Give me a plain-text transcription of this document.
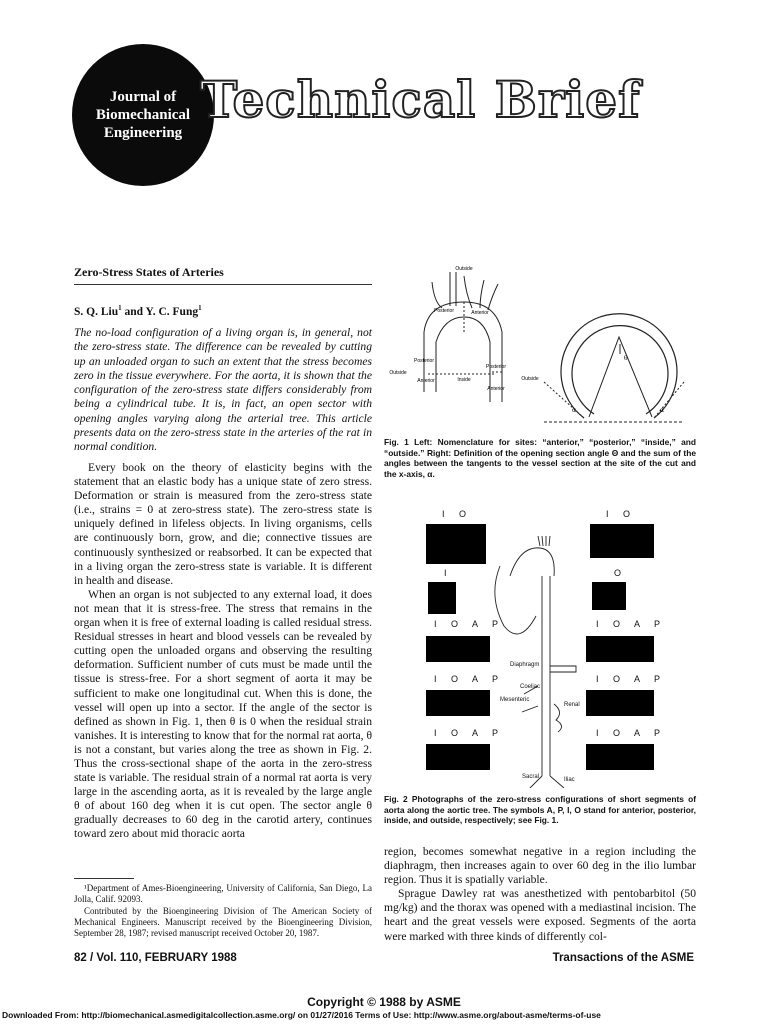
Journal of
Biomechanical
Engineering
Technical Brief
Zero-Stress States of Arteries
S. Q. Liu$^1$ and Y. C. Fung$^1$
The no-load configuration of a living organ is, in general, not the zero-stress state. The difference can be revealed by cutting up an unloaded organ to such an extent that the stress becomes zero in the tissue everywhere. For the aorta, it is shown that the configuration of the zero-stress state differs considerably from being a cylindrical tube. It is, in fact, an open sector with opening angles varying along the arterial tree. This article presents data on the zero-stress state in the arteries of the rat in normal condition.

Every book on the theory of elasticity begins with the statement that an elastic body has a unique state of zero stress. Deformation or strain is measured from the zero-stress state (i.e., strains = 0 at zero-stress state). The zero-stress state is uniquely defined in lifeless objects. In living organisms, cells are continuously born, grow, and die; connective tissues are continuously synthesized or reabsorbed. It can be expected that in a living organ the zero-stress state is variable. It is different in health and disease.

When an organ is not subjected to any external load, it does not mean that it is stress-free. The stress that remains in the organ when it is free of external loading is called residual stress. Residual stresses in heart and blood vessels can be revealed by cutting open the unloaded organs and observing the resulting deformation. Sufficient number of cuts must be made until the tissue is stress-free. For a short segment of aorta it may be sufficient to make one longitudinal cut. When this is done, the vessel will open up into a sector. If the angle of the sector is defined as shown in Fig. 1, then θ is 0 when the residual strain vanishes. It is interesting to know that for the normal rat aorta, θ is not a constant, but varies along the tree as shown in Fig. 2. Thus the cross-sectional shape of the aorta in the zero-stress state is variable. The residual strain of a normal rat aorta is very large in the ascending aorta, as it is revealed by the large angle θ of about 160 deg when it is cut open. The sector angle θ gradually decreases to 60 deg in the carotid artery, continues toward zero about mid thoracic aorta

¹Department of Ames-Bioengineering, University of California, San Diego, La Jolla, Calif. 92093.

Contributed by the Bioengineering Division of The American Society of Mechanical Engineers. Manuscript received by the Bioengineering Division, September 28, 1987; revised manuscript received October 20, 1987.

Outside
Posterior	Anterior
Posterior
Outside
Anterior	Inside
Posterior
Anterior
Outside
θ
α	α
Fig. 1 Left: Nomenclature for sites: “anterior,” “posterior,” “inside,” and “outside.” Right: Definition of the opening section angle Θ and the sum of the angles between the tangents to the vessel section at the site of the cut and the x-axis, α.
I O
I
I O A P
I O A P
I O A P
I O
O
I O A P
I O A P
I O A P
Diaphragm
Coeliac
Mesenteric
Renal
Sacral	Iliac
Fig. 2 Photographs of the zero-stress configurations of short segments of aorta along the aortic tree. The symbols A, P, I, O stand for anterior, posterior, inside, and outside, respectively; see Fig. 1.

region, becomes somewhat negative in a region including the diaphragm, then increases again to over 60 deg in the ilio lumbar region. Thus it is spatially variable.

Sprague Dawley rat was anesthetized with pentobarbitol (50 mg/kg) and the thorax was opened with a mediastinal incision. The heart and the great vessels were exposed. Segments of the aorta were marked with three kinds of differently col-

82 / Vol. 110, FEBRUARY 1988	Transactions of the ASME
Copyright © 1988 by ASME
Downloaded From: http://biomechanical.asmedigitalcollection.asme.org/ on 01/27/2016 Terms of Use: http://www.asme.org/about-asme/terms-of-use
